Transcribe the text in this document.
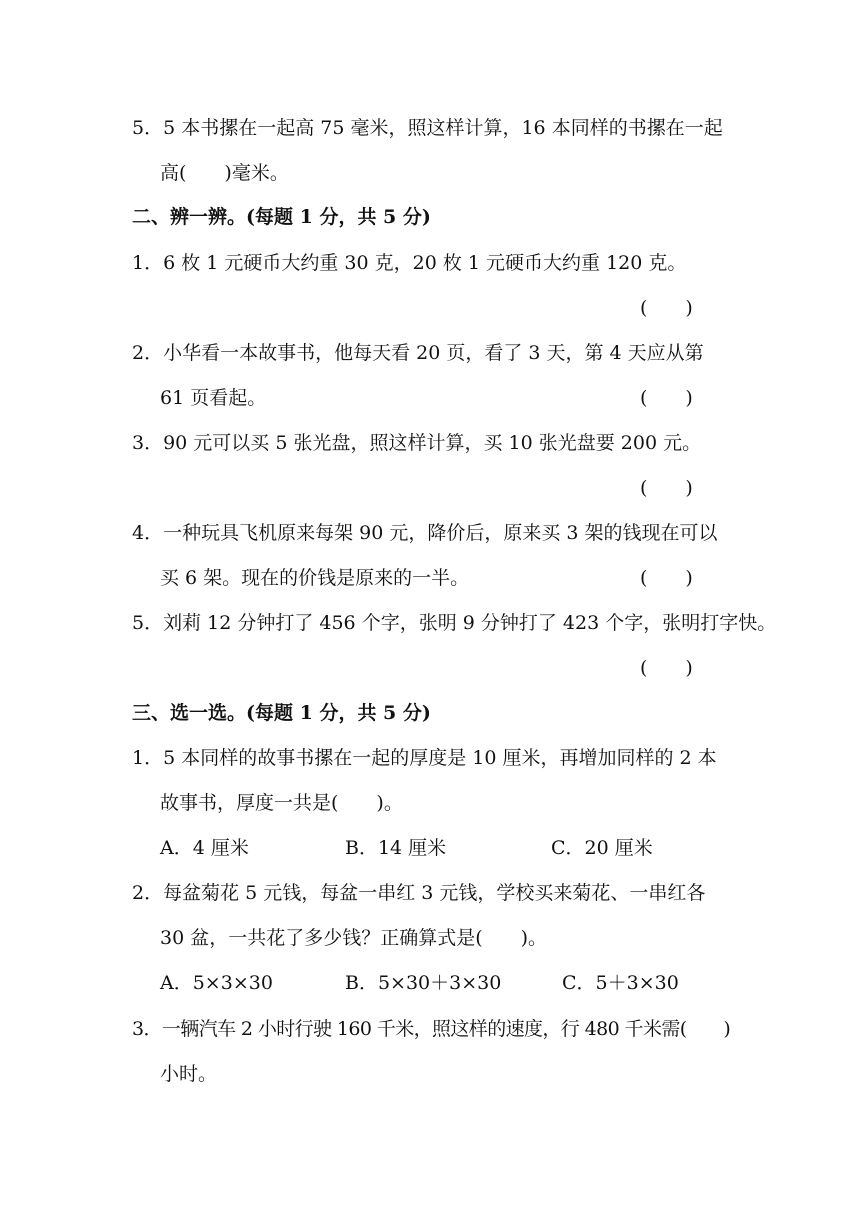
5．5 本书摞在一起高 75 毫米，照这样计算，16 本同样的书摞在一起
高(　　)毫米。
二、辨一辨。(每题 1 分，共 5 分)
1．6 枚 1 元硬币大约重 30 克，20 枚 1 元硬币大约重 120 克。
(　　)
2．小华看一本故事书，他每天看 20 页，看了 3 天，第 4 天应从第
61 页看起。	(　　)
3．90 元可以买 5 张光盘，照这样计算，买 10 张光盘要 200 元。
(　　)
4．一种玩具飞机原来每架 90 元，降价后，原来买 3 架的钱现在可以
买 6 架。现在的价钱是原来的一半。	(　　)
5．刘莉 12 分钟打了 456 个字，张明 9 分钟打了 423 个字，张明打字快。
(　　)
三、选一选。(每题 1 分，共 5 分)
1．5 本同样的故事书摞在一起的厚度是 10 厘米，再增加同样的 2 本
故事书，厚度一共是(　　)。
A．4 厘米	B．14 厘米	C．20 厘米
2．每盆菊花 5 元钱，每盆一串红 3 元钱，学校买来菊花、一串红各
30 盆，一共花了多少钱？正确算式是(　　)。
A．5×3×30	B．5×30＋3×30	C．5＋3×30
3．一辆汽车 2 小时行驶 160 千米，照这样的速度，行 480 千米需(　　)
小时。
